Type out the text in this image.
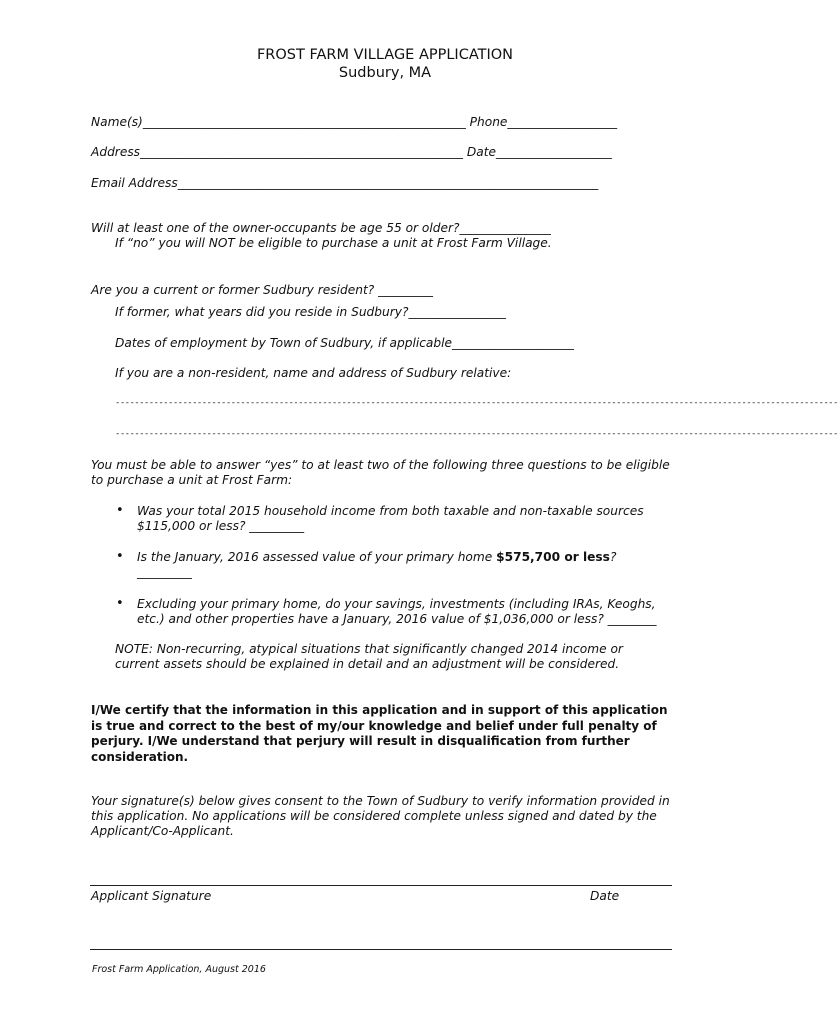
FROST FARM VILLAGE APPLICATION
Sudbury, MA
Name(s)_____________________________________________________ Phone__________________
Address_____________________________________________________ Date___________________
Email Address_____________________________________________________________________
Will at least one of the owner-occupants be age 55 or older?_______________
If “no” you will NOT be eligible to purchase a unit at Frost Farm Village.
Are you a current or former Sudbury resident? _________
If former, what years did you reside in Sudbury?________________
Dates of employment by Town of Sudbury, if applicable____________________
If you are a non-resident, name and address of Sudbury relative:
------------------------------------------------------------------------------------------------------------------------------------------------------
------------------------------------------------------------------------------------------------------------------------------------------------------
You must be able to answer “yes” to at least two of the following three questions to be eligible to purchase a unit at Frost Farm:
• Was your total 2015 household income from both taxable and non-taxable sources $115,000 or less? _________
• Is the January, 2016 assessed value of your primary home $575,700 or less?
_________
• Excluding your primary home, do your savings, investments (including IRAs, Keoghs, etc.) and other properties have a January, 2016 value of $1,036,000 or less? ________
NOTE: Non-recurring, atypical situations that significantly changed 2014 income or current assets should be explained in detail and an adjustment will be considered.
I/We certify that the information in this application and in support of this application is true and correct to the best of my/our knowledge and belief under full penalty of perjury. I/We understand that perjury will result in disqualification from further consideration.
Your signature(s) below gives consent to the Town of Sudbury to verify information provided in this application. No applications will be considered complete unless signed and dated by the Applicant/Co-Applicant.
Applicant Signature	Date
Frost Farm Application, August 2016
